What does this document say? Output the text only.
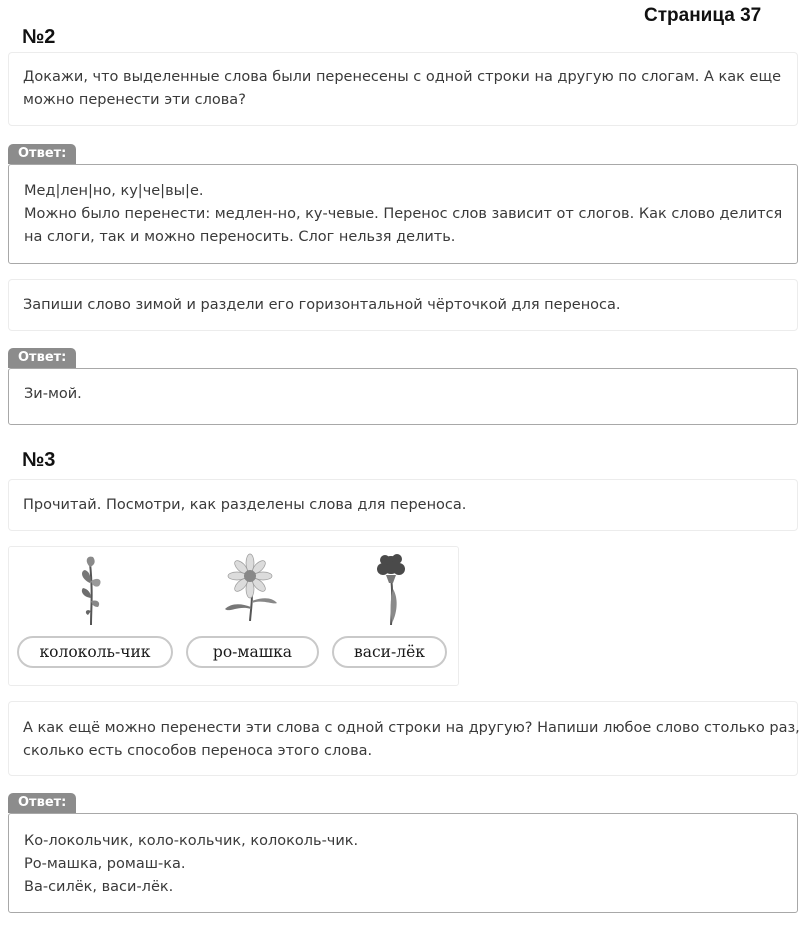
Страница 37
№2
Докажи, что выделенные слова были перенесены с одной строки на другую по слогам. А как еще
можно перенести эти слова?
Ответ:
Мед|лен|но, ку|че|вы|е.
Можно было перенести: медлен-но, ку-чевые. Перенос слов зависит от слогов. Как слово делится
на слоги, так и можно переносить. Слог нельзя делить.
Запиши слово зимой и раздели его горизонтальной чёрточкой для переноса.
Ответ:
Зи-мой.
№3
Прочитай. Посмотри, как разделены слова для переноса.
колоколь-чик	ро-машка	васи-лёк
А как ещё можно перенести эти слова с одной строки на другую? Напиши любое слово столько раз,
сколько есть способов переноса этого слова.
Ответ:
Ко-локольчик, коло-кольчик, колоколь-чик.
Ро-машка, ромаш-ка.
Ва-силёк, васи-лёк.
